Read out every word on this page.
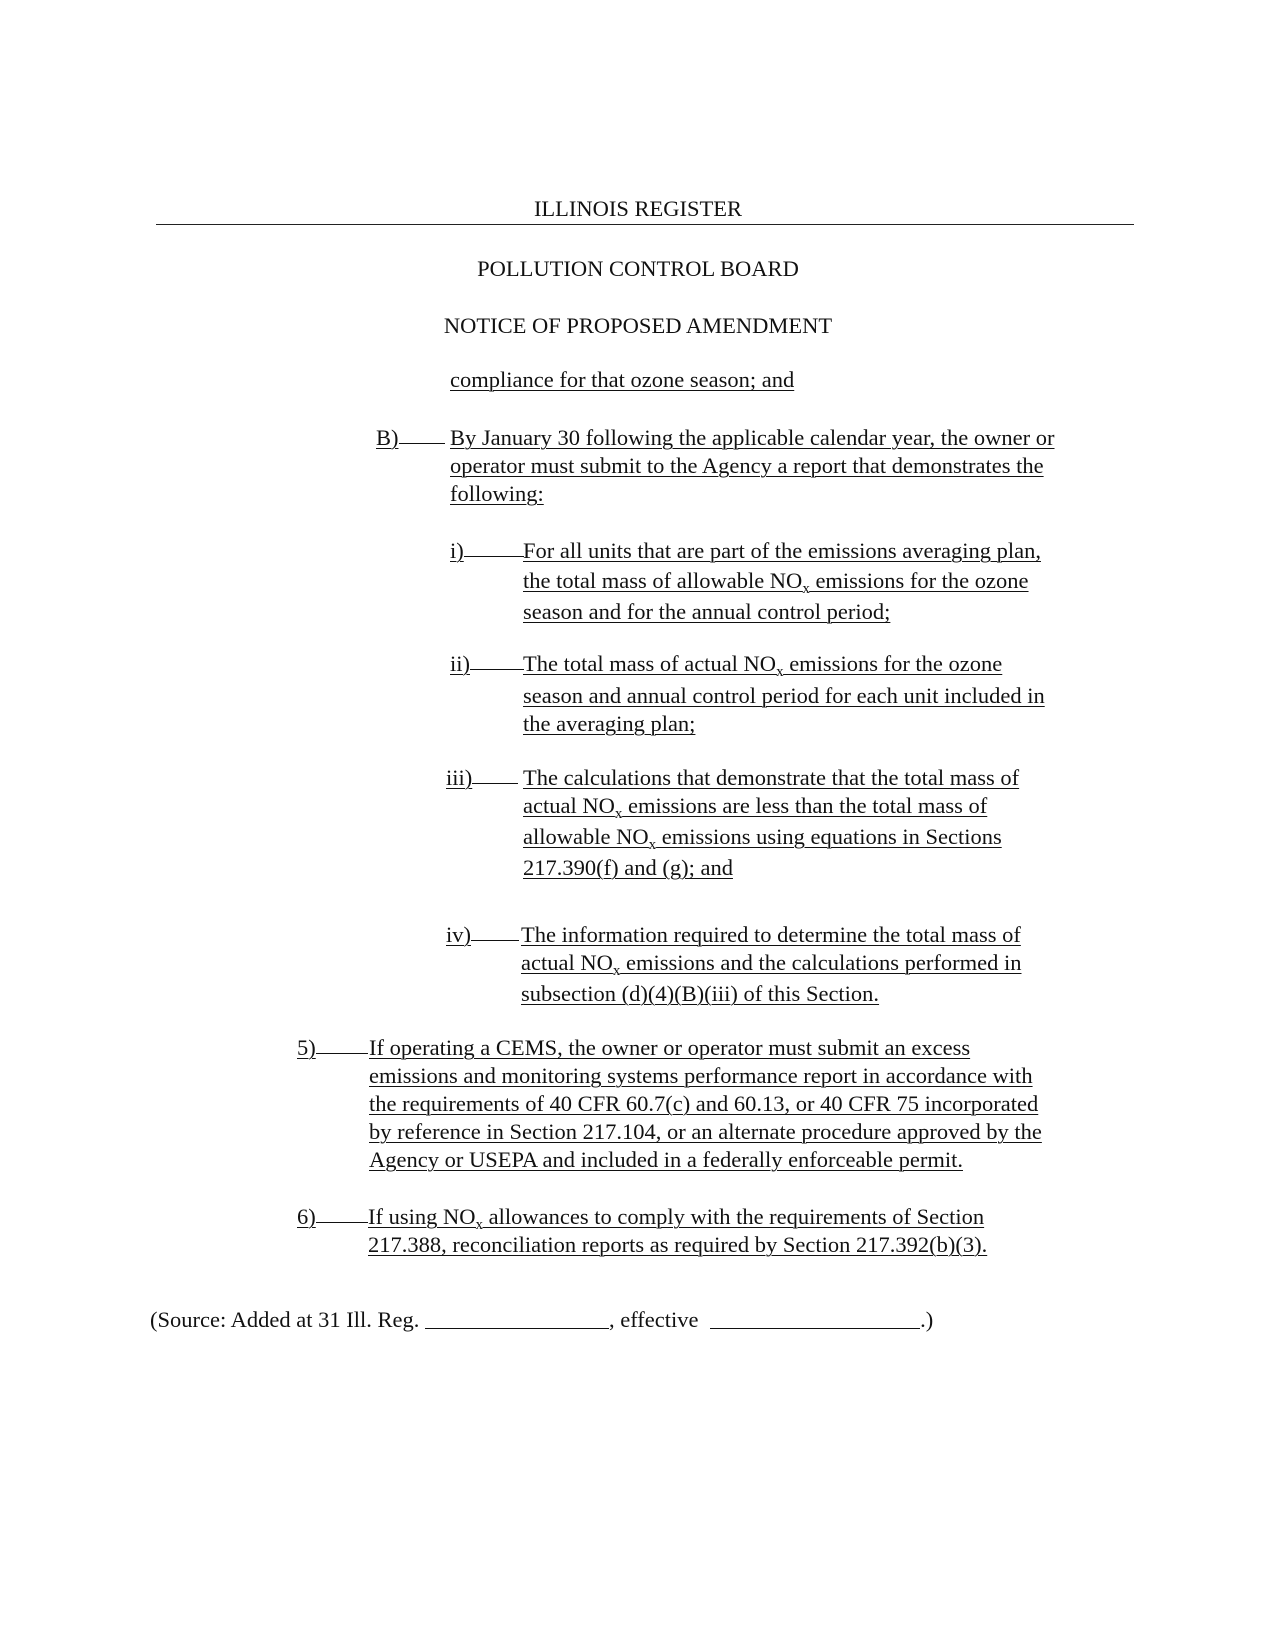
ILLINOIS REGISTER
POLLUTION CONTROL BOARD
NOTICE OF PROPOSED AMENDMENT
compliance for that ozone season; and
B)	By January 30 following the applicable calendar year, the owner or
operator must submit to the Agency a report that demonstrates the
following:
i)	For all units that are part of the emissions averaging plan,
the total mass of allowable $NO_x$ emissions for the ozone
season and for the annual control period;
ii)	The total mass of actual $NO_x$ emissions for the ozone
season and annual control period for each unit included in
the averaging plan;
iii)	The calculations that demonstrate that the total mass of
actual $NO_x$ emissions are less than the total mass of
allowable $NO_x$ emissions using equations in Sections
217.390(f) and (g); and
iv)	The information required to determine the total mass of
actual $NO_x$ emissions and the calculations performed in
subsection (d)(4)(B)(iii) of this Section.
5)	If operating a CEMS, the owner or operator must submit an excess
emissions and monitoring systems performance report in accordance with
the requirements of 40 CFR 60.7(c) and 60.13, or 40 CFR 75 incorporated
by reference in Section 217.104, or an alternate procedure approved by the
Agency or USEPA and included in a federally enforceable permit.
6)	If using $NO_x$ allowances to comply with the requirements of Section
217.388, reconciliation reports as required by Section 217.392(b)(3).
(Source: Added at 31 Ill. Reg.	, effective	.)
